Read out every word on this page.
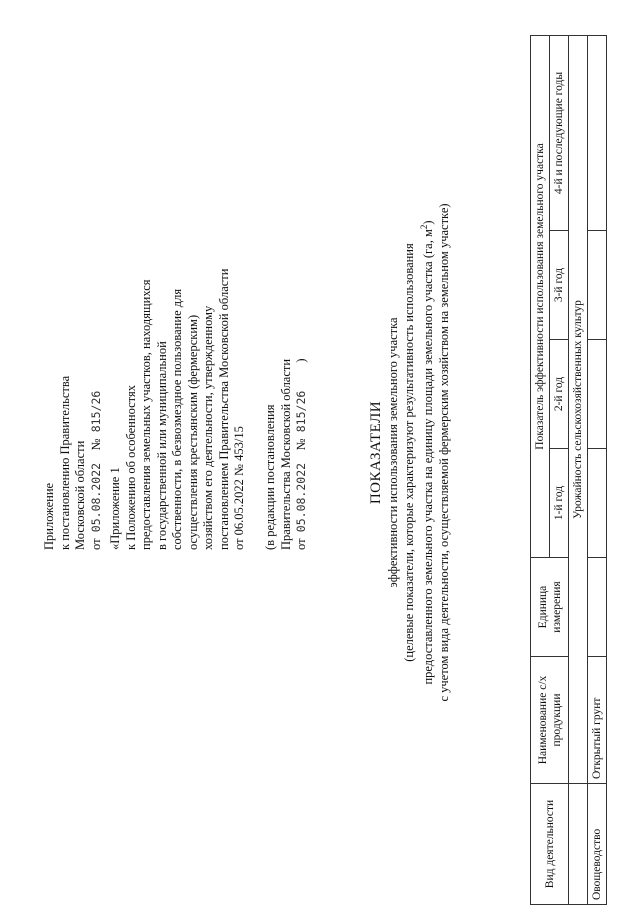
Приложение к постановлению Правительства Московской области от  05.08.2022    №  815/26
«Приложение 1 к Положению об особенностях предоставления земельных участков, находящихся в государственной или муниципальной собственности, в безвозмездное пользование для осуществления крестьянским (фермерским) хозяйством его деятельности, утвержденному постановлением Правительства Московской области от 06.05.2022 № 453/15 (в редакции постановления Правительства Московской области от  05.08.2022    №  815/26         )
ПОКАЗАТЕЛИ эффективности использования земельного участка (целевые показатели, которые характеризуют результативность использования предоставленного земельного участка на единицу площади земельного участка (га, $м^2$) с учетом вида деятельности, осуществляемой фермерским хозяйством на земельном участке)
Вид деятельности	Наименование с/х продукции	Единица измерения	Показатель эффективности использования земельного участка			
			1-й год	2-й год	3-й год	4-й и последующие годы
	Урожайность сельскохозяйственных культур					
Овощеводство	Открытый грунт					
